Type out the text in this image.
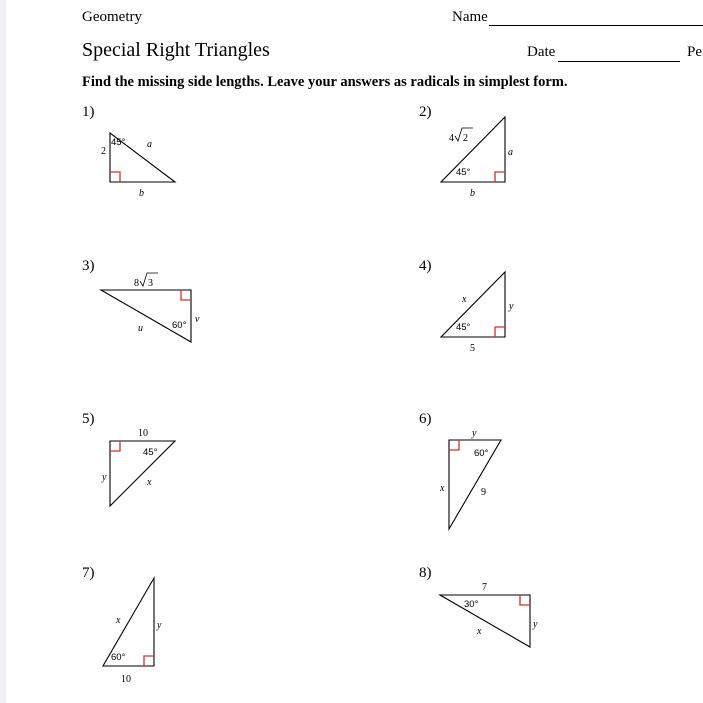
Geometry	Name
Special Right Triangles	Date	Pe
Find the missing side lengths. Leave your answers as radicals in simplest form.
1)
45°
2
a
b
2)
4 2
a
45°
b
3)
8 3
60°
u
v
4)
x
y
45°
5
5)
10
45°
y	x
6)
y
60°
x	9
7)
x	y
60°
10
8)
7
30°
y
x
